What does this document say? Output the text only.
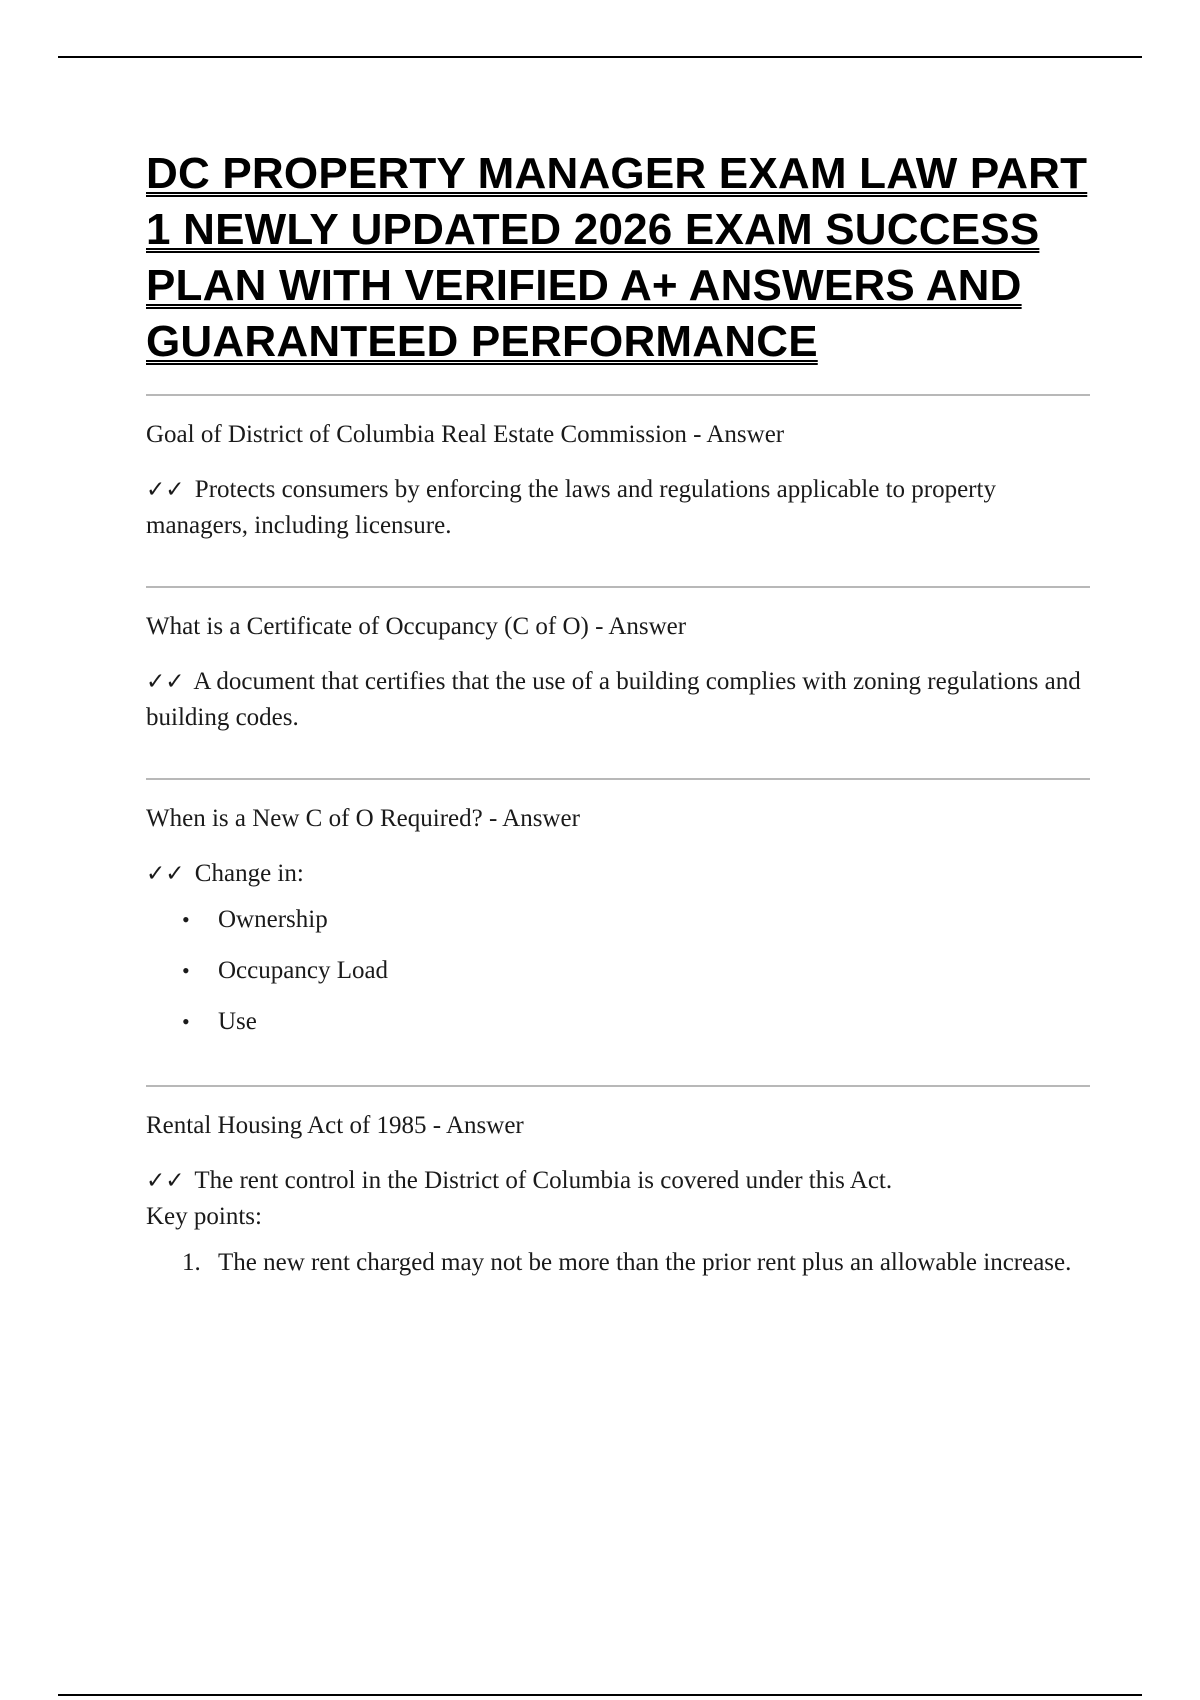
DC PROPERTY MANAGER EXAM LAW PART 1 NEWLY UPDATED 2026 EXAM SUCCESS PLAN WITH VERIFIED A+ ANSWERS AND GUARANTEED PERFORMANCE

Goal of District of Columbia Real Estate Commission - Answer

✓✓ Protects consumers by enforcing the laws and regulations applicable to property managers, including licensure.

What is a Certificate of Occupancy (C of O) - Answer

✓✓ A document that certifies that the use of a building complies with zoning regulations and building codes.

When is a New C of O Required? - Answer

✓✓ Change in:

• Ownership
• Occupancy Load
• Use

Rental Housing Act of 1985 - Answer

✓✓ The rent control in the District of Columbia is covered under this Act.
Key points:

1. The new rent charged may not be more than the prior rent plus an allowable increase.
